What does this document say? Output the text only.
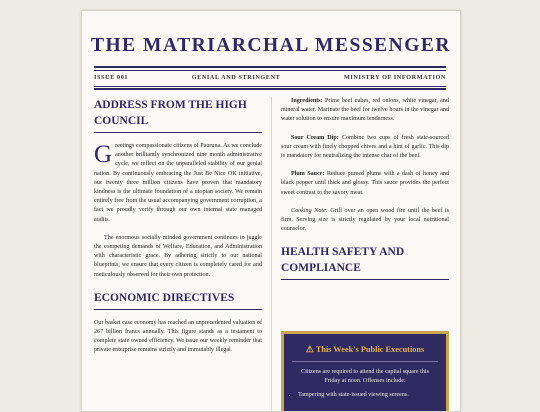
THE MATRIARCHAL MESSENGER
ISSUE 001	GENIAL AND STRINGENT	MINISTRY OF INFORMATION
ADDRESS FROM THE HIGH COUNCIL

Greetings compassionate citizens of Pauruna. As we conclude another brilliantly synchronized nine month administrative cycle, we reflect on the unparalleled stability of our genial nation. By continuously embracing the Just Be Nice OK initiative, our twenty three million citizens have proven that mandatory kindness is the ultimate foundation of a utopian society. We remain entirely free from the usual accompanying government corruption, a fact we proudly verify through our own internal state managed audits.

The enormous socially minded government continues to juggle the competing demands of Welfare, Education, and Administration with characteristic grace. By adhering strictly to our national blueprints, we ensure that every citizen is completely cared for and meticulously observed for their own protection.

ECONOMIC DIRECTIVES

Our basket case economy has reached an unprecedented valuation of 267 billion francs annually. This figure stands as a testament to complete state owned efficiency. We issue our weekly reminder that private enterprise remains strictly and immutably illegal.

Ingredients: Prime beef cubes, red onions, white vinegar, and mineral water. Marinate the beef for twelve hours in the vinegar and water solution to ensure maximum tenderness.

Sour Cream Dip: Combine two cups of fresh state-sourced sour cream with finely chopped chives and a hint of garlic. This dip is mandatory for neutralizing the intense char of the beef.

Plum Sauce: Reduce pureed plums with a dash of honey and black pepper until thick and glossy. This sauce provides the perfect sweet contrast to the savory meat.

Cooking Note: Grill over an open wood fire until the beef is firm. Serving size is strictly regulated by your local nutritional counselor.

HEALTH SAFETY AND COMPLIANCE
⚠ This Week's Public Executions
Citizens are required to attend the capital square this Friday at noon. Offenses include:
• Tampering with state-issued viewing screens.
